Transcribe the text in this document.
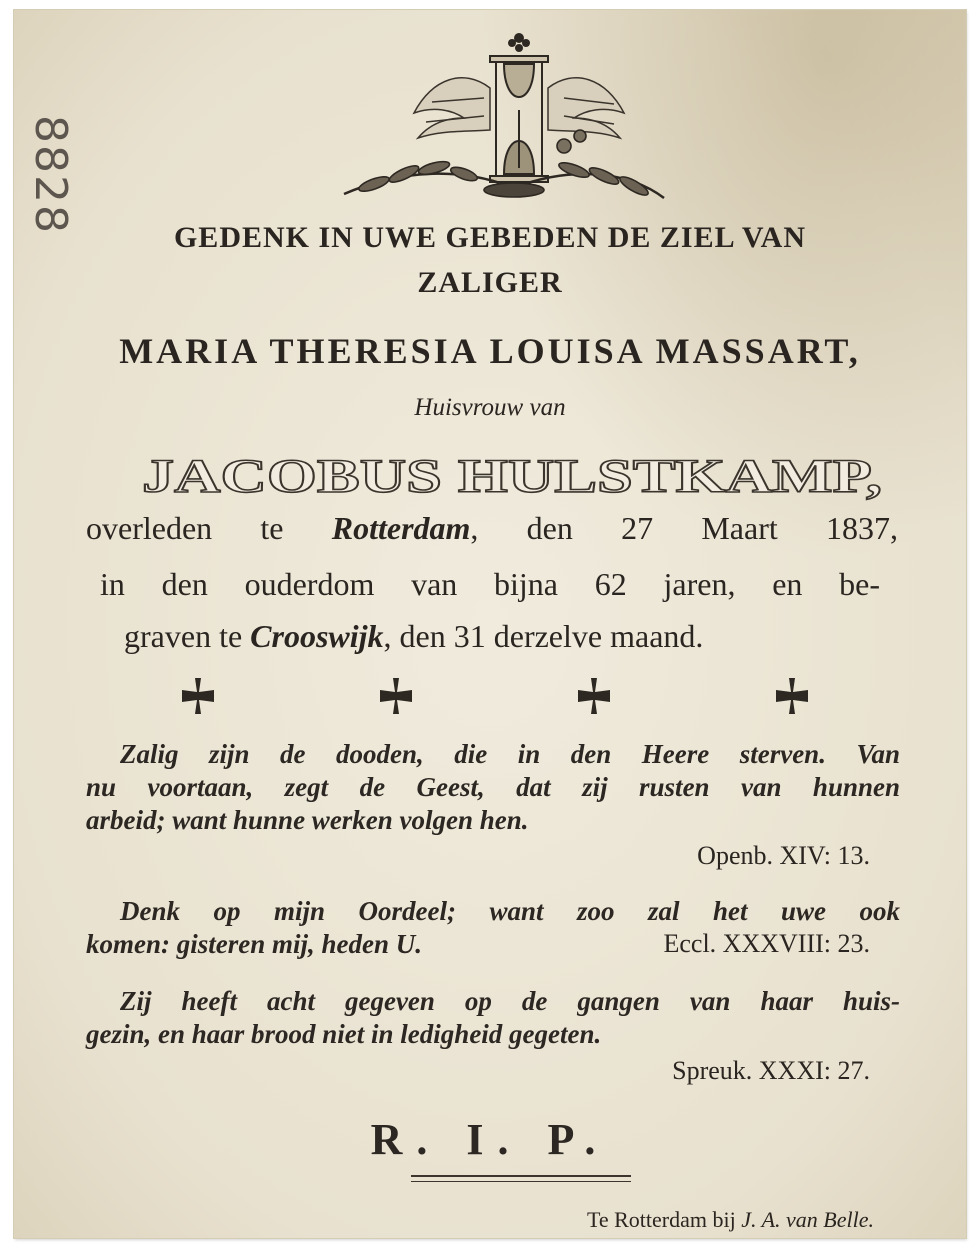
8828
GEDENK IN UWE GEBEDEN DE ZIEL VAN
ZALIGER
MARIA THERESIA LOUISA MASSART,
Huisvrouw van
JACOBUS HULSTKAMP,
overleden te Rotterdam, den 27 Maart 1837,
in den ouderdom van bijna 62 jaren, en be-
graven te Crooswijk, den 31 derzelve maand.
Zalig zijn de dooden, die in den Heere sterven. Van
nu voortaan, zegt de Geest, dat zij rusten van hunnen
arbeid; want hunne werken volgen hen.
Openb. XIV: 13.
Denk op mijn Oordeel; want zoo zal het uwe ook
komen: gisteren mij, heden U.	Eccl. XXXVIII: 23.
Zij heeft acht gegeven op de gangen van haar huis-
gezin, en haar brood niet in ledigheid gegeten.
Spreuk. XXXI: 27.
R. I. P.
Te Rotterdam bij J. A. van Belle.
